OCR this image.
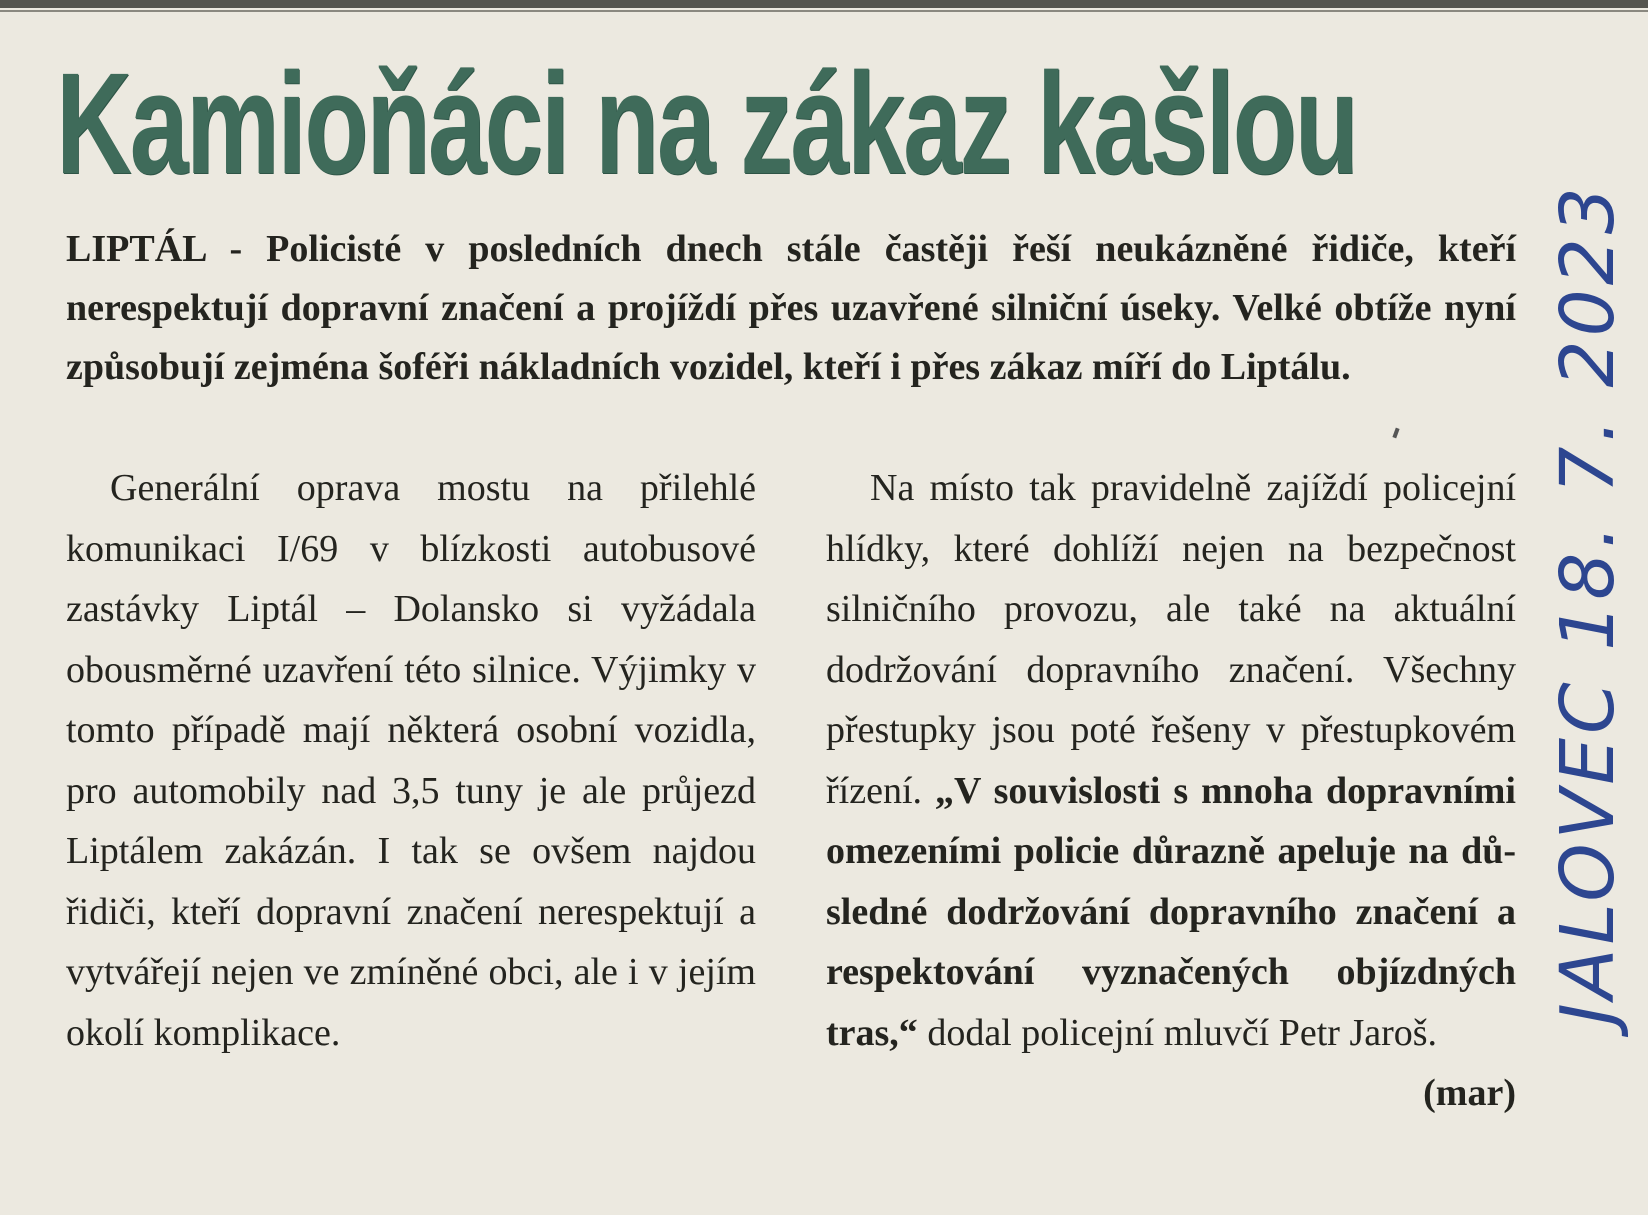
Kamioňáci na zákaz kašlou

LIPTÁL - Policisté v posledních dnech stále častěji řeší neukázněné řidiče, kteří nerespektují dopravní značení a projíždí přes uzavřené silniční úseky. Velké obtíže nyní způsobují zejména šoféři nákladních vozidel, kteří i přes zákaz míří do Liptálu.

Generální oprava mostu na přilehlé komunikaci I/69 v blízkosti autobusové zastávky Liptál – Dolansko si vyžádala obousměrné uzavření této silnice. Výjimky v tomto případě mají některá osobní vozidla, pro automobily nad 3,5 tuny je ale průjezd Liptálem zakázán. I tak se ovšem najdou řidiči, kteří dopravní značení nerespektují a vytvářejí nejen ve zmíněné obci, ale i v jejím okolí komplikace.

Na místo tak pravidelně zajíždí policejní hlídky, které dohlíží nejen na bezpečnost silničního provozu, ale také na aktuální dodržování dopravního značení. Všechny přestupky jsou poté řešeny v přestupkovém řízení. „V souvislosti s mnoha dopravními omezeními policie důrazně apeluje na důsledné dodržování dopravního značení a respektování vyznačených objízdných tras,“ dodal policejní mluvčí Petr Jaroš.
(mar)

JALOVEC 18. 7. 2023
